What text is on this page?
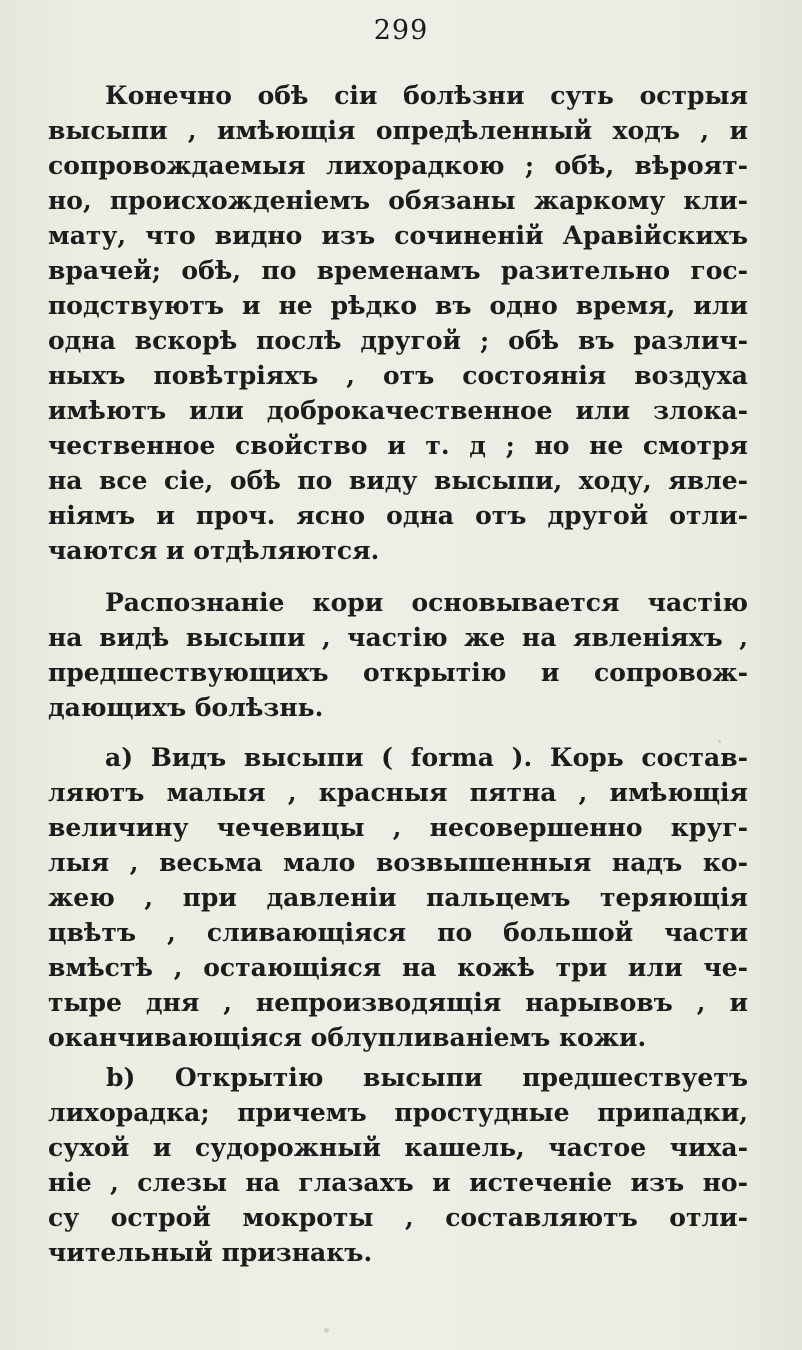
299
Конечно обѣ сіи болѣзни суть острыя
высыпи , имѣющія опредѣленный ходъ , и
сопровождаемыя лихорадкою ; обѣ, вѣроят-
но, происхожденіемъ обязаны жаркому кли-
мату, что видно изъ сочиненій Аравійскихъ
врачей; обѣ, по временамъ разительно гос-
подствуютъ и не рѣдко въ одно время, или
одна вскорѣ послѣ другой ; обѣ въ различ-
ныхъ повѣтріяхъ , отъ состоянія воздуха
имѣютъ или доброкачественное или злока-
чественное свойство и т. д ; но не смотря
на все сіе, обѣ по виду высыпи, ходу, явле-
ніямъ и проч. ясно одна отъ другой отли-
чаются и отдѣляются.
Распознаніе кори основывается частію
на видѣ высыпи , частію же на явленіяхъ ,
предшествующихъ открытію и сопровож-
дающихъ болѣзнь.
а) Видъ высыпи ( forma ). Корь состав-
ляютъ малыя , красныя пятна , имѣющія
величину чечевицы , несовершенно круг-
лыя , весьма мало возвышенныя надъ ко-
жею , при давленіи пальцемъ теряющія
цвѣтъ , сливающіяся по большой части
вмѣстѣ , остающіяся на кожѣ три или че-
тыре дня , непроизводящія нарывовъ , и
оканчивающіяся облупливаніемъ кожи.
b) Открытію высыпи предшествуетъ
лихорадка; причемъ простудные припадки,
сухой и судорожный кашель, частое чиха-
ніе , слезы на глазахъ и истеченіе изъ но-
су острой мокроты , составляютъ отли-
чительный признакъ.
